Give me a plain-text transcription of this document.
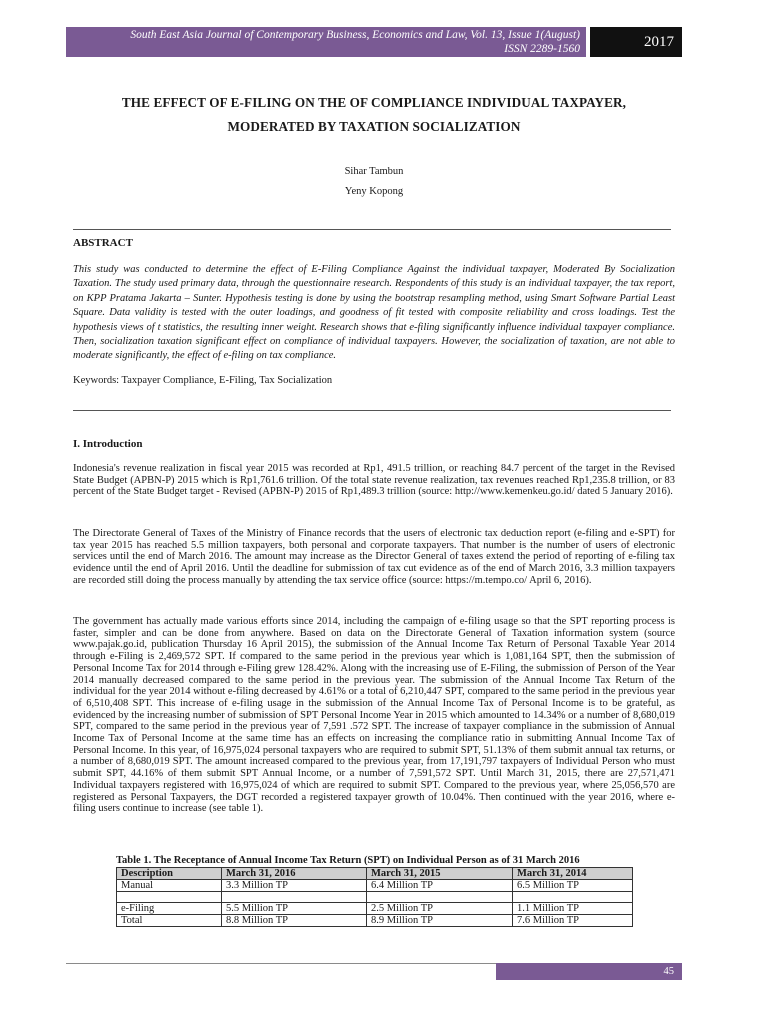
South East Asia Journal of Contemporary Business, Economics and Law, Vol. 13, Issue 1(August)
ISSN 2289-1560	2017
THE EFFECT OF E-FILING ON THE OF COMPLIANCE INDIVIDUAL TAXPAYER,
MODERATED BY TAXATION SOCIALIZATION
Sihar Tambun
Yeny Kopong
ABSTRACT
This study was conducted to determine the effect of E-Filing Compliance Against the individual taxpayer, Moderated By Socialization Taxation. The study used primary data, through the questionnaire research. Respondents of this study is an individual taxpayer, the tax report, on KPP Pratama Jakarta – Sunter. Hypothesis testing is done by using the bootstrap resampling method, using Smart Software Partial Least Square. Data validity is tested with the outer loadings, and goodness of fit tested with composite reliability and cross loadings. Test the hypothesis views of t statistics, the resulting inner weight. Research shows that e-filing significantly influence individual taxpayer compliance. Then, socialization taxation significant effect on compliance of individual taxpayers. However, the socialization of taxation, are not able to moderate significantly, the effect of e-filing on tax compliance.
Keywords: Taxpayer Compliance, E-Filing, Tax Socialization
I. Introduction

Indonesia's revenue realization in fiscal year 2015 was recorded at Rp1, 491.5 trillion, or reaching 84.7 percent of the target in the Revised State Budget (APBN-P) 2015 which is Rp1,761.6 trillion. Of the total state revenue realization, tax revenues reached Rp1,235.8 trillion, or 83 percent of the State Budget target - Revised (APBN-P) 2015 of Rp1,489.3 trillion (source: http://www.kemenkeu.go.id/ dated 5 January 2016).

The Directorate General of Taxes of the Ministry of Finance records that the users of electronic tax deduction report (e-filing and e-SPT) for tax year 2015 has reached 5.5 million taxpayers, both personal and corporate taxpayers. That number is the number of users of electronic services until the end of March 2016. The amount may increase as the Director General of taxes extend the period of reporting of e-filing tax evidence until the end of April 2016. Until the deadline for submission of tax cut evidence as of the end of March 2016, 3.3 million taxpayers are recorded still doing the process manually by attending the tax service office (source: https://m.tempo.co/ April 6, 2016).

The government has actually made various efforts since 2014, including the campaign of e-filing usage so that the SPT reporting process is faster, simpler and can be done from anywhere. Based on data on the Directorate General of Taxation information system (source www.pajak.go.id, publication Thursday 16 April 2015), the submission of the Annual Income Tax Return of Personal Taxable Year 2014 through e-Filing is 2,469,572 SPT. If compared to the same period in the previous year which is 1,081,164 SPT, then the submission of Personal Income Tax for 2014 through e-Filing grew 128.42%. Along with the increasing use of E-Filing, the submission of Person of the Year 2014 manually decreased compared to the same period in the previous year. The submission of the Annual Income Tax Return of the individual for the year 2014 without e-filing decreased by 4.61% or a total of 6,210,447 SPT, compared to the same period in the previous year of 6,510,408 SPT. This increase of e-filing usage in the submission of the Annual Income Tax of Personal Income is to be grateful, as evidenced by the increasing number of submission of SPT Personal Income Year in 2015 which amounted to 14.34% or a number of 8,680,019 SPT, compared to the same period in the previous year of 7,591 .572 SPT. The increase of taxpayer compliance in the submission of Annual Income Tax of Personal Income at the same time has an effects on increasing the compliance ratio in submitting Annual Income Tax of Personal Income. In this year, of 16,975,024 personal taxpayers who are required to submit SPT, 51.13% of them submit annual tax returns, or a number of 8,680,019 SPT. The amount increased compared to the previous year, from 17,191,797 taxpayers of Individual Person who must submit SPT, 44.16% of them submit SPT Annual Income, or a number of 7,591,572 SPT. Until March 31, 2015, there are 27,571,471 Individual taxpayers registered with 16,975,024 of which are required to submit SPT. Compared to the previous year, where 25,056,570 are registered as Personal Taxpayers, the DGT recorded a registered taxpayer growth of 10.04%. Then continued with the year 2016, where e-filing users continue to increase (see table 1).

Table 1. The Receptance of Annual Income Tax Return (SPT) on Individual Person as of 31 March 2016
Description	March 31, 2016	March 31, 2015	March 31, 2014
Manual	3.3 Million TP	6.4 Million TP	6.5 Million TP

e-Filing	5.5 Million TP	2.5 Million TP	1.1 Million TP
Total	8.8 Million TP	8.9 Million TP	7.6 Million TP
45
